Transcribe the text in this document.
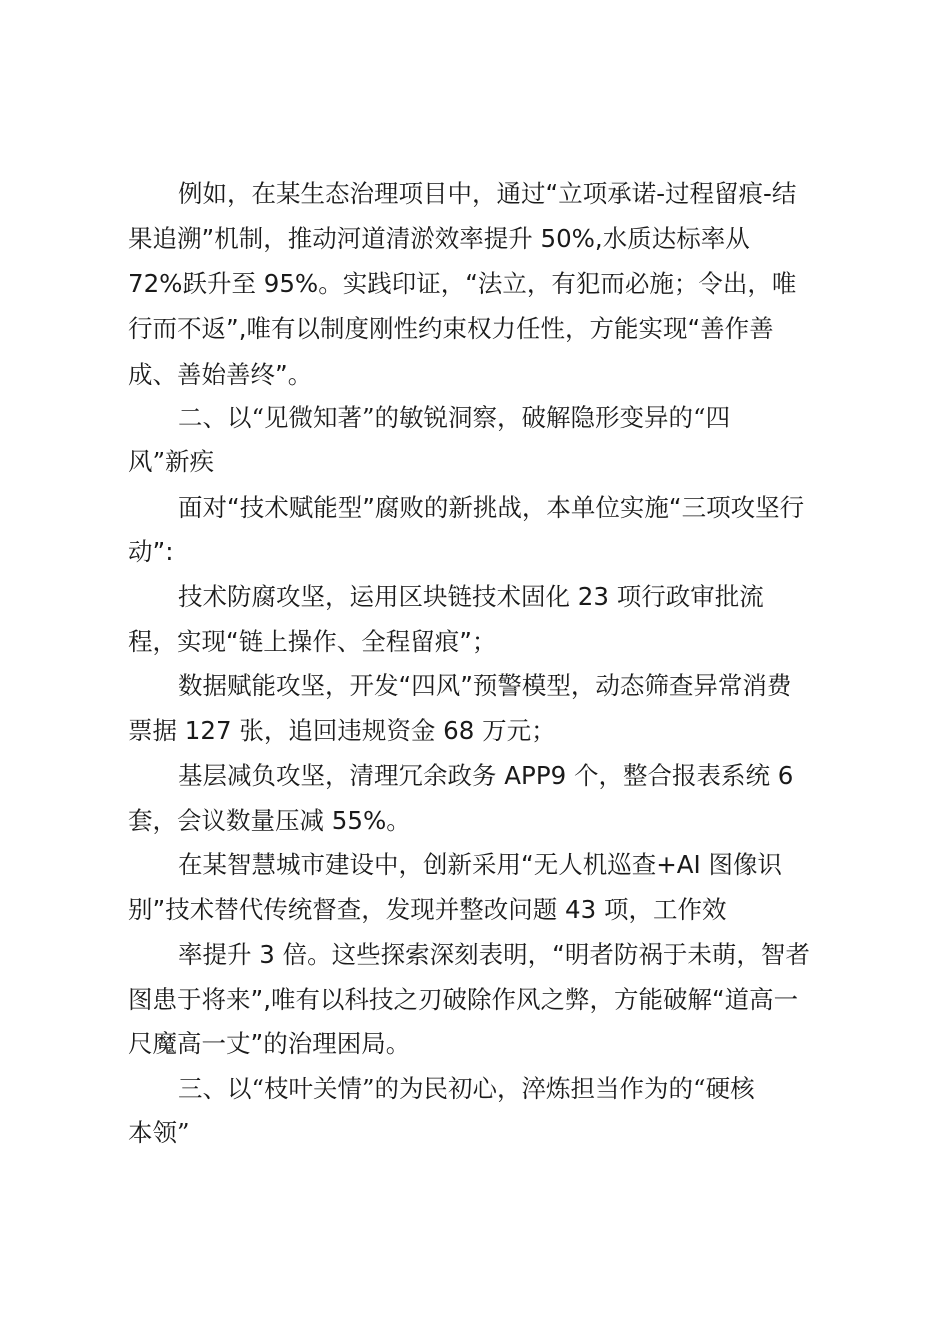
例如，在某生态治理项目中，通过“立项承诺-过程留痕-结
果追溯”机制，推动河道清淤效率提升 50%,水质达标率从
72%跃升至 95%。实践印证，“法立，有犯而必施；令出，唯
行而不返”,唯有以制度刚性约束权力任性，方能实现“善作善
成、善始善终”。
二、以“见微知著”的敏锐洞察，破解隐形变异的“四
风”新疾
面对“技术赋能型”腐败的新挑战，本单位实施“三项攻坚行
动”:
技术防腐攻坚，运用区块链技术固化 23 项行政审批流
程，实现“链上操作、全程留痕”；
数据赋能攻坚，开发“四风”预警模型，动态筛查异常消费
票据 127 张，追回违规资金 68 万元；
基层减负攻坚，清理冗余政务 APP9 个，整合报表系统 6
套，会议数量压减 55%。
在某智慧城市建设中，创新采用“无人机巡查+AI 图像识
别”技术替代传统督查，发现并整改问题 43 项，工作效
率提升 3 倍。这些探索深刻表明，“明者防祸于未萌，智者
图患于将来”,唯有以科技之刃破除作风之弊，方能破解“道高一
尺魔高一丈”的治理困局。
三、以“枝叶关情”的为民初心，淬炼担当作为的“硬核
本领”
